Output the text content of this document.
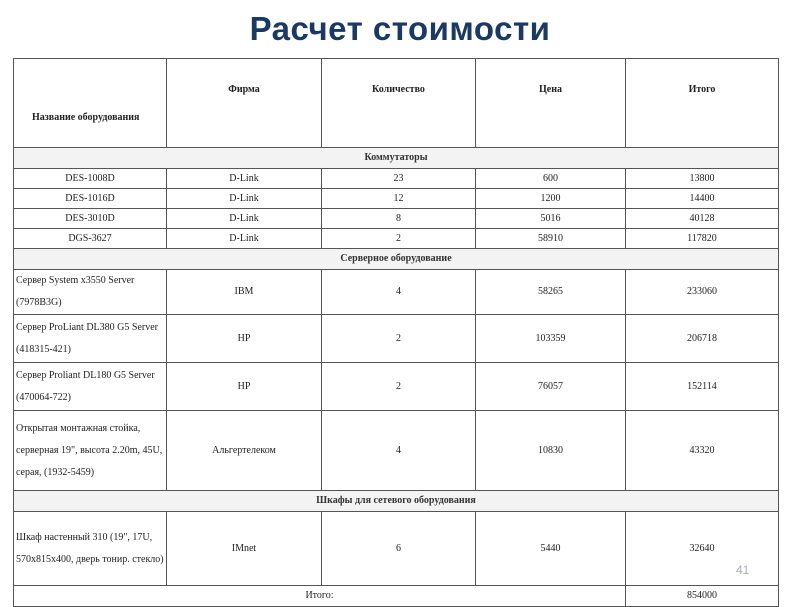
Расчет стоимости
Название оборудования	Фирма	Количество	Цена	Итого
Коммутаторы				
DES-1008D	D-Link	23	600	13800
DES-1016D	D-Link	12	1200	14400
DES-3010D	D-Link	8	5016	40128
DGS-3627	D-Link	2	58910	117820
Серверное оборудование				
Сервер System x3550 Server (7978B3G)	IBM	4	58265	233060
Сервер ProLiant DL380 G5 Server (418315-421)	HP	2	103359	206718
Сервер Proliant DL180 G5 Server (470064-722)	HP	2	76057	152114
Открытая монтажная стойка, серверная 19", высота 2.20m, 45U, серая, (1932-5459)	Альгертелеком	4	10830	43320
Шкафы для сетевого оборудования				
Шкаф настенный 310 (19", 17U, 570x815x400, дверь тонир. стекло)	IMnet	6	5440	32640
Итого:				854000
41
